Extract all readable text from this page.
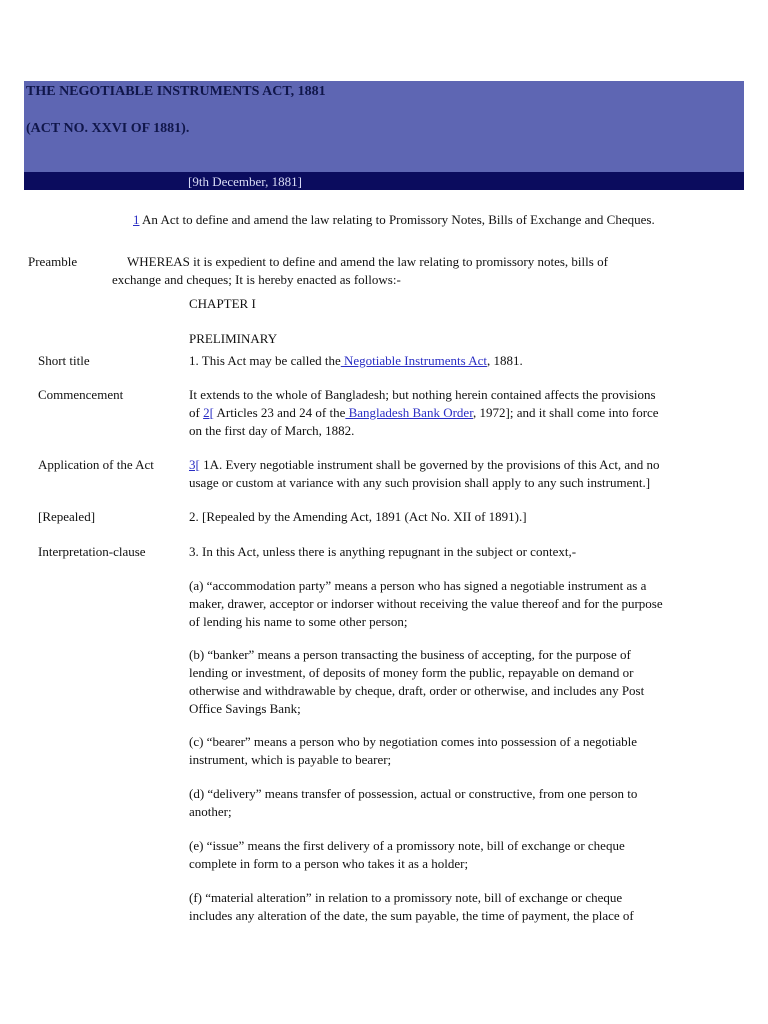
THE NEGOTIABLE INSTRUMENTS ACT, 1881
(ACT NO. XXVI OF 1881).
[9th December, 1881]
1 An Act to define and amend the law relating to Promissory Notes, Bills of Exchange and Cheques.
Preamble	WHEREAS it is expedient to define and amend the law relating to promissory notes, bills of
exchange and cheques; It is hereby enacted as follows:-
CHAPTER I
PRELIMINARY
Short title	1. This Act may be called the Negotiable Instruments Act, 1881.
Commencement	It extends to the whole of Bangladesh; but nothing herein contained affects the provisions
of 2[ Articles 23 and 24 of the Bangladesh Bank Order, 1972]; and it shall come into force
on the first day of March, 1882.
Application of the Act	3[ 1A. Every negotiable instrument shall be governed by the provisions of this Act, and no
usage or custom at variance with any such provision shall apply to any such instrument.]
[Repealed]	2. [Repealed by the Amending Act, 1891 (Act No. XII of 1891).]
Interpretation-clause	3. In this Act, unless there is anything repugnant in the subject or context,-
(a) “accommodation party” means a person who has signed a negotiable instrument as a
maker, drawer, acceptor or indorser without receiving the value thereof and for the purpose
of lending his name to some other person;
(b) “banker” means a person transacting the business of accepting, for the purpose of
lending or investment, of deposits of money form the public, repayable on demand or
otherwise and withdrawable by cheque, draft, order or otherwise, and includes any Post
Office Savings Bank;
(c) “bearer” means a person who by negotiation comes into possession of a negotiable
instrument, which is payable to bearer;
(d) “delivery” means transfer of possession, actual or constructive, from one person to
another;
(e) “issue” means the first delivery of a promissory note, bill of exchange or cheque
complete in form to a person who takes it as a holder;
(f) “material alteration” in relation to a promissory note, bill of exchange or cheque
includes any alteration of the date, the sum payable, the time of payment, the place of
